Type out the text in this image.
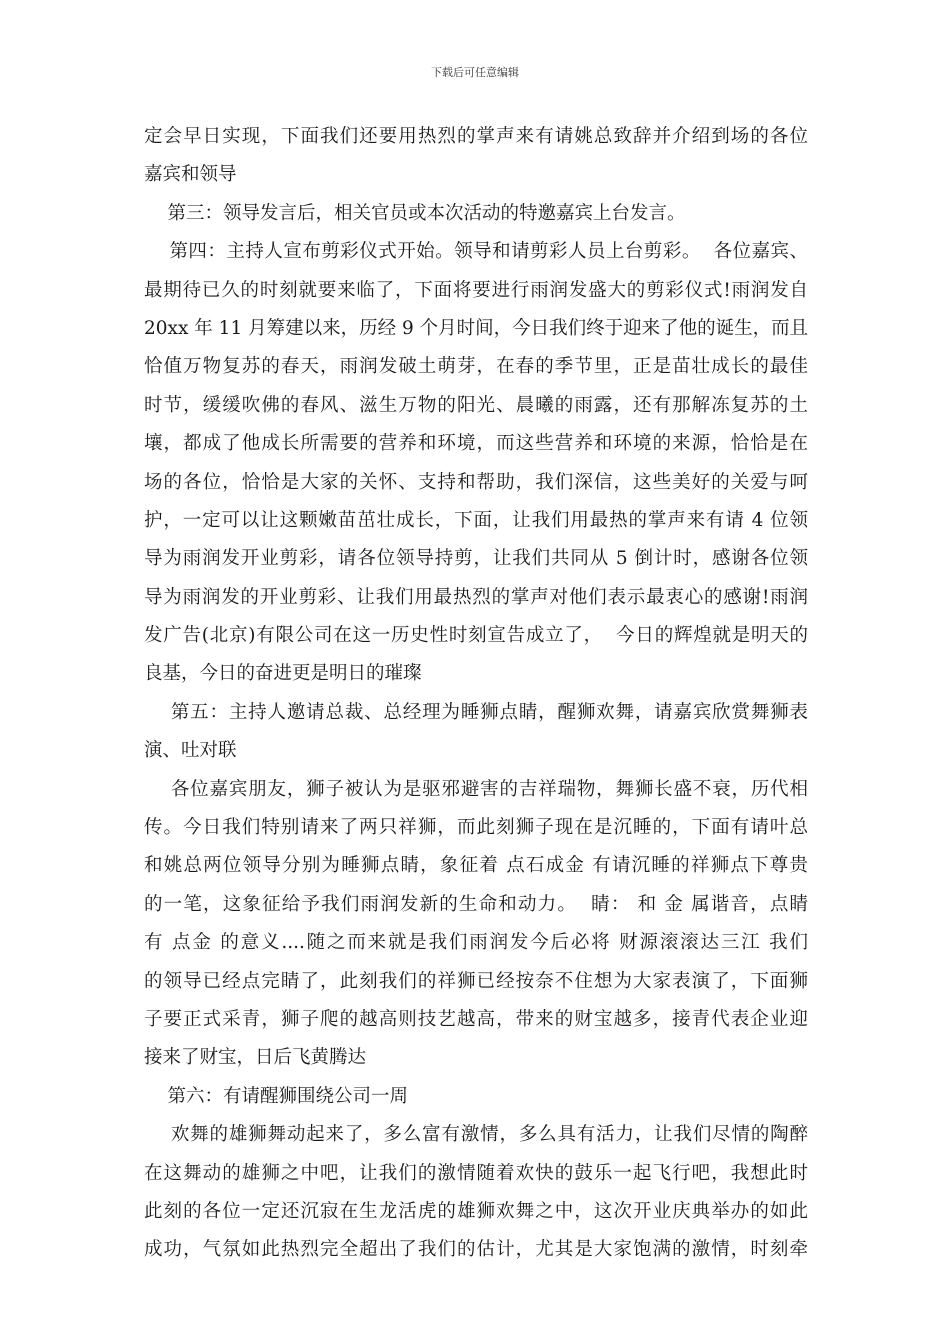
下载后可任意编辑
定会早日实现，下面我们还要用热烈的掌声来有请姚总致辞并介绍到场的各位
嘉宾和领导
第三：领导发言后，相关官员或本次活动的特邀嘉宾上台发言。
第四：主持人宣布剪彩仪式开始。领导和请剪彩人员上台剪彩。  各位嘉宾、
最期待已久的时刻就要来临了，下面将要进行雨润发盛大的剪彩仪式!雨润发自
20xx 年 11 月筹建以来，历经 9 个月时间，今日我们终于迎来了他的诞生，而且
恰值万物复苏的春天，雨润发破土萌芽，在春的季节里，正是苗壮成长的最佳
时节，缓缓吹佛的春风、滋生万物的阳光、晨曦的雨露，还有那解冻复苏的土
壤，都成了他成长所需要的营养和环境，而这些营养和环境的来源，恰恰是在
场的各位，恰恰是大家的关怀、支持和帮助，我们深信，这些美好的关爱与呵
护，一定可以让这颗嫩苗茁壮成长，下面，让我们用最热的掌声来有请 4 位领
导为雨润发开业剪彩，请各位领导持剪，让我们共同从 5 倒计时，感谢各位领
导为雨润发的开业剪彩、让我们用最热烈的掌声对他们表示最衷心的感谢!雨润
发广告(北京)有限公司在这一历史性时刻宣告成立了，  今日的辉煌就是明天的
良基，今日的奋进更是明日的璀璨
第五：主持人邀请总裁、总经理为睡狮点睛，醒狮欢舞，请嘉宾欣赏舞狮表
演、吐对联
各位嘉宾朋友，狮子被认为是驱邪避害的吉祥瑞物，舞狮长盛不衰，历代相
传。今日我们特别请来了两只祥狮，而此刻狮子现在是沉睡的，下面有请叶总
和姚总两位领导分别为睡狮点睛，象征着 点石成金 有请沉睡的祥狮点下尊贵
的一笔，这象征给予我们雨润发新的生命和动力。  睛： 和 金 属谐音，点睛
有 点金 的意义....随之而来就是我们雨润发今后必将 财源滚滚达三江 我们
的领导已经点完睛了，此刻我们的祥狮已经按奈不住想为大家表演了，下面狮
子要正式采青，狮子爬的越高则技艺越高，带来的财宝越多，接青代表企业迎
接来了财宝，日后飞黄腾达
第六：有请醒狮围绕公司一周
欢舞的雄狮舞动起来了，多么富有激情，多么具有活力，让我们尽情的陶醉
在这舞动的雄狮之中吧，让我们的激情随着欢快的鼓乐一起飞行吧，我想此时
此刻的各位一定还沉寂在生龙活虎的雄狮欢舞之中，这次开业庆典举办的如此
成功，气氛如此热烈完全超出了我们的估计，尤其是大家饱满的激情，时刻牵
